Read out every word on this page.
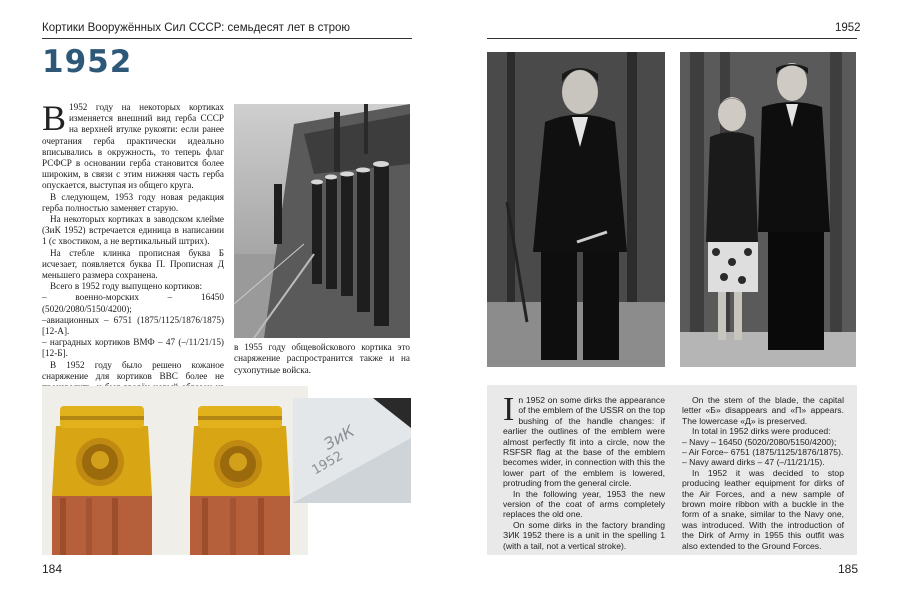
Кортики Вооружённых Сил СССР: семьдесят лет в строю
1952

В 1952 году на некоторых кортиках изменяется внешний вид герба СССР на верхней втулке рукояти: если ранее очертания герба практически идеально вписывались в окружность, то теперь флаг РСФСР в основании герба становится более широким, в связи с этим нижняя часть герба опускается, выступая из общего круга.

В следующем, 1953 году новая редакция герба полностью заменяет старую.

На некоторых кортиках в заводском клейме (ЗиК 1952) встречается единица в написании 1 (с хвостиком, а не вертикальный штрих).

На стебле клинка прописная буква Б исчезает, появляется буква П. Прописная Д меньшего размера сохранена.

Всего в 1952 году выпущено кортиков:

– военно-морских – 16450 (5020/2080/5150/4200);

–авиационных – 6751 (1875/1125/1876/1875) [12-А].

– наградных кортиков ВМФ – 47 (–/11/21/15) [12-Б].

В 1952 году было решено кожаное снаряжение для кортиков ВВС более не

в 1955 году общевойскового кортика это снаряжение распространится также и на сухопутные войска.
ЗиК
1952
184
1952

In 1952 on some dirks the appearance of the emblem of the USSR on the top bushing of the handle changes: if earlier the outlines of the emblem were almost perfectly fit into a circle, now the RSFSR flag at the base of the emblem becomes wider, in connection with this the lower part of the emblem is lowered, protruding from the general circle.

In the following year, 1953 the new version of the coat of arms completely replaces the old one.

On some dirks in the factory branding ЗИК 1952 there is a unit in the spelling 1 (with a tail, not a vertical stroke).

On the stem of the blade, the capital letter «Б» disappears and «П» appears. The lowercase «Д» is preserved.

In total in 1952 dirks were produced:

– Navy – 16450 (5020/2080/5150/4200);

– Air Force– 6751 (1875/1125/1876/1875).

– Navy award dirks – 47 (–/11/21/15).

In 1952 it was decided to stop producing leather equipment for dirks of the Air Forces, and a new sample of brown moire ribbon with a buckle in the form of a snake, similar to the Navy one, was introduced. With the introduction of the Dirk of Army in 1955 this outfit was also extended to the Ground Forces.

185
